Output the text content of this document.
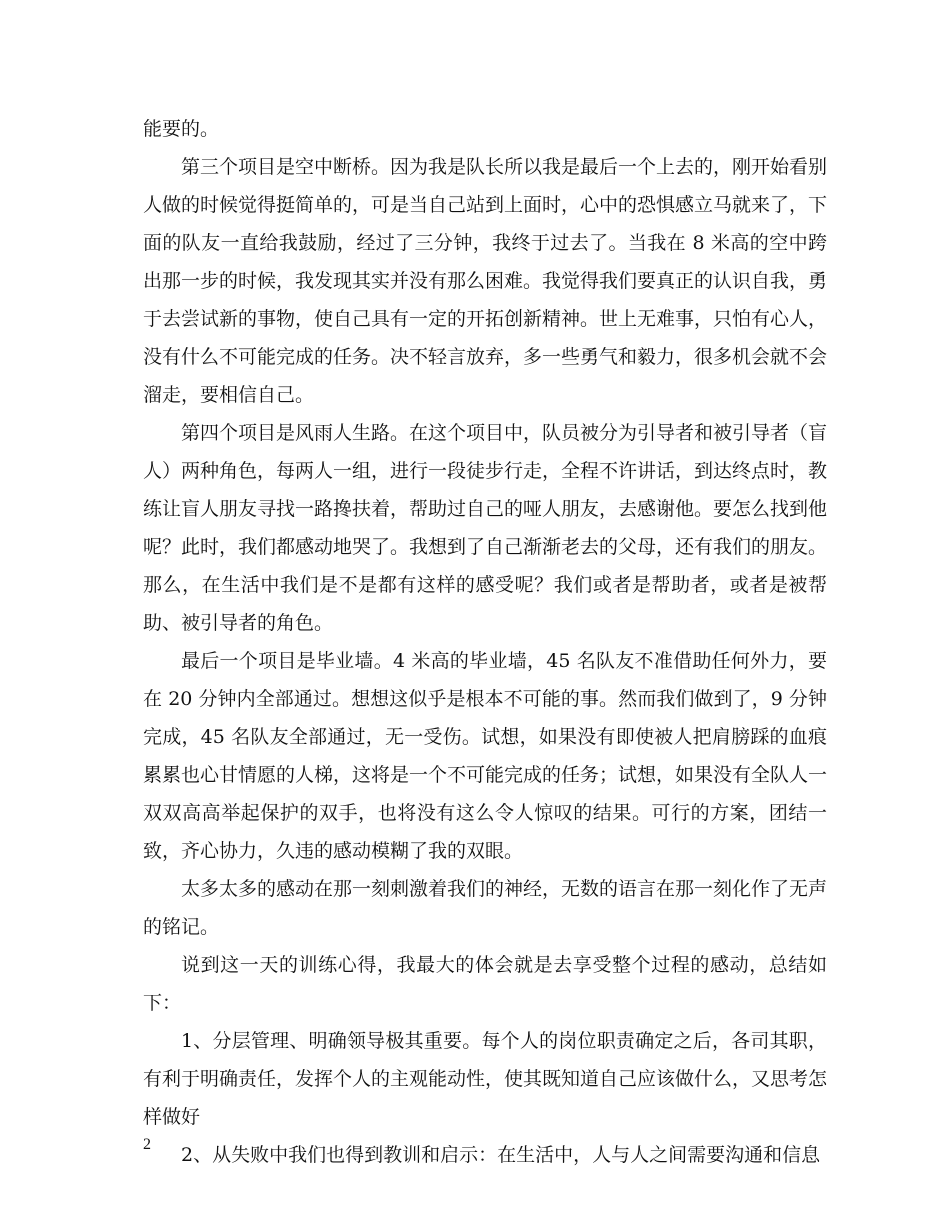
能要的。

第三个项目是空中断桥。因为我是队长所以我是最后一个上去的，刚开始看别人做的时候觉得挺简单的，可是当自己站到上面时，心中的恐惧感立马就来了，下面的队友一直给我鼓励，经过了三分钟，我终于过去了。当我在 8 米高的空中跨出那一步的时候，我发现其实并没有那么困难。我觉得我们要真正的认识自我，勇于去尝试新的事物，使自己具有一定的开拓创新精神。世上无难事，只怕有心人，没有什么不可能完成的任务。决不轻言放弃，多一些勇气和毅力，很多机会就不会溜走，要相信自己。

第四个项目是风雨人生路。在这个项目中，队员被分为引导者和被引导者（盲人）两种角色，每两人一组，进行一段徒步行走，全程不许讲话，到达终点时，教练让盲人朋友寻找一路搀扶着，帮助过自己的哑人朋友，去感谢他。要怎么找到他呢？此时，我们都感动地哭了。我想到了自己渐渐老去的父母，还有我们的朋友。那么，在生活中我们是不是都有这样的感受呢？我们或者是帮助者，或者是被帮助、被引导者的角色。

最后一个项目是毕业墙。4 米高的毕业墙，45 名队友不准借助任何外力，要在 20 分钟内全部通过。想想这似乎是根本不可能的事。然而我们做到了，9 分钟完成，45 名队友全部通过，无一受伤。试想，如果没有即使被人把肩膀踩的血痕累累也心甘情愿的人梯，这将是一个不可能完成的任务；试想，如果没有全队人一双双高高举起保护的双手，也将没有这么令人惊叹的结果。可行的方案，团结一致，齐心协力，久违的感动模糊了我的双眼。

太多太多的感动在那一刻刺激着我们的神经，无数的语言在那一刻化作了无声的铭记。

说到这一天的训练心得，我最大的体会就是去享受整个过程的感动，总结如下：

1、分层管理、明确领导极其重要。每个人的岗位职责确定之后，各司其职，有利于明确责任，发挥个人的主观能动性，使其既知道自己应该做什么，又思考怎样做好

2、从失败中我们也得到教训和启示：在生活中，人与人之间需要沟通和信息

2
